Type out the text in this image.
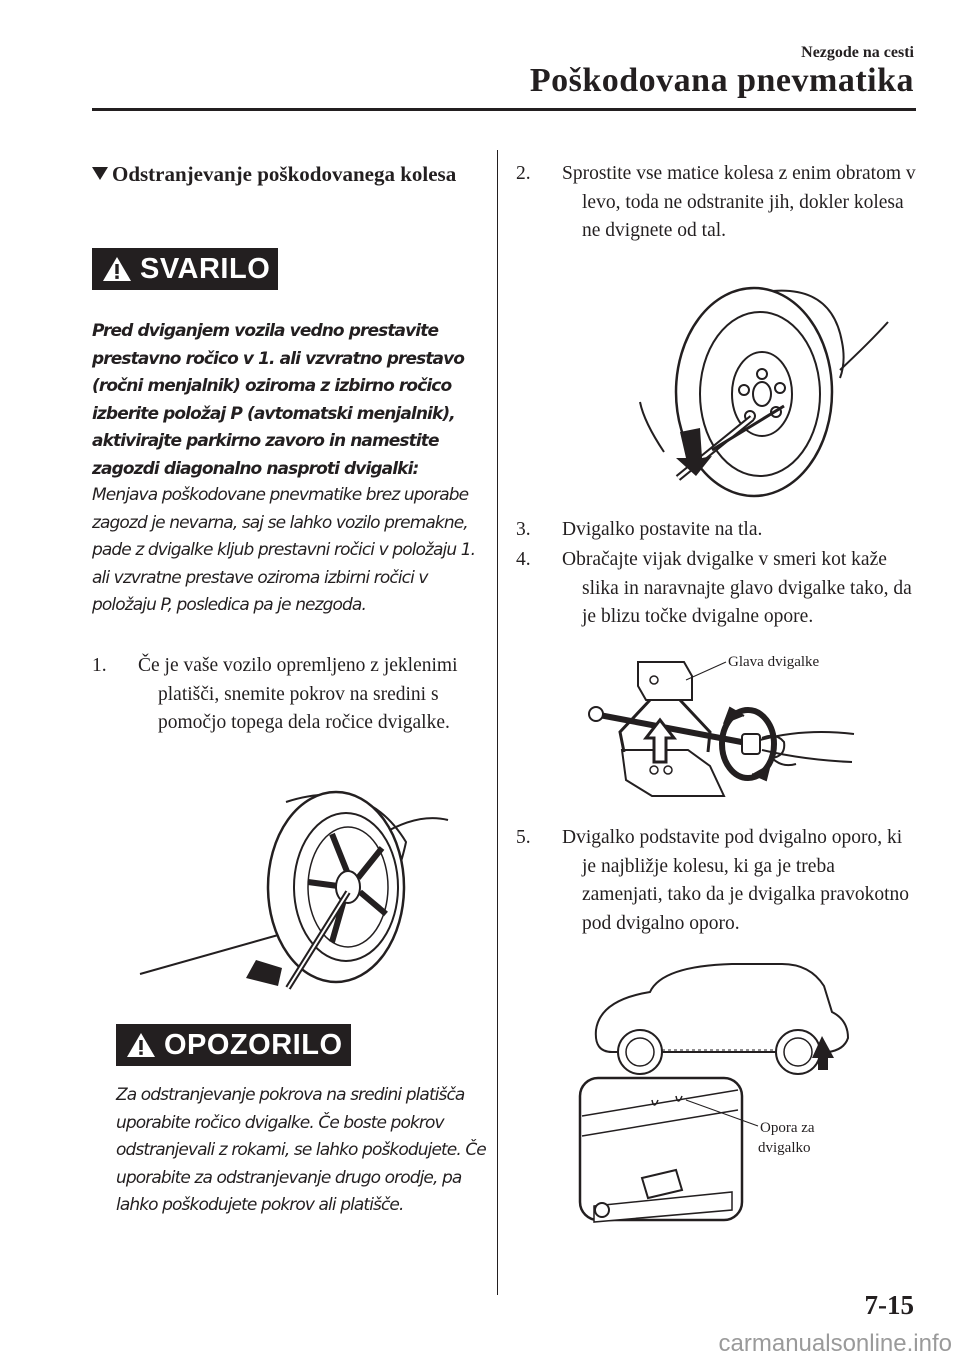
Nezgode na cesti
Poškodovana pnevmatika
Odstranjevanje poškodovanega kolesa
SVARILO
Pred dviganjem vozila vedno prestavite prestavno ročico v 1. ali vzvratno prestavo (ročni menjalnik) oziroma z izbirno ročico izberite položaj P (avtomatski menjalnik), aktivirajte parkirno zavoro in namestite zagozdi diagonalno nasproti dvigalki:
Menjava poškodovane pnevmatike brez uporabe zagozd je nevarna, saj se lahko vozilo premakne, pade z dvigalke kljub prestavni ročici v položaju 1. ali vzvratne prestave oziroma izbirni ročici v položaju P, posledica pa je nezgoda.
1.	Če je vaše vozilo opremljeno z jeklenimi platišči, snemite pokrov na sredini s pomočjo topega dela ročice dvigalke.
OPOZORILO
Za odstranjevanje pokrova na sredini platišča uporabite ročico dvigalke. Če boste pokrov odstranjevali z rokami, se lahko poškodujete. Če uporabite za odstranjevanje drugo orodje, pa lahko poškodujete pokrov ali platišče.
2.	Sprostite vse matice kolesa z enim obratom v levo, toda ne odstranite jih, dokler kolesa ne dvignete od tal.
3.	Dvigalko postavite na tla.
4.	Obračajte vijak dvigalke v smeri kot kaže slika in naravnajte glavo dvigalke tako, da je blizu točke dvigalne opore.
Glava dvigalke
5.	Dvigalko podstavite pod dvigalno oporo, ki je najbližje kolesu, ki ga je treba zamenjati, tako da je dvigalka pravokotno pod dvigalno oporo.
Opora za
dvigalko
7-15
carmanualsonline.info
